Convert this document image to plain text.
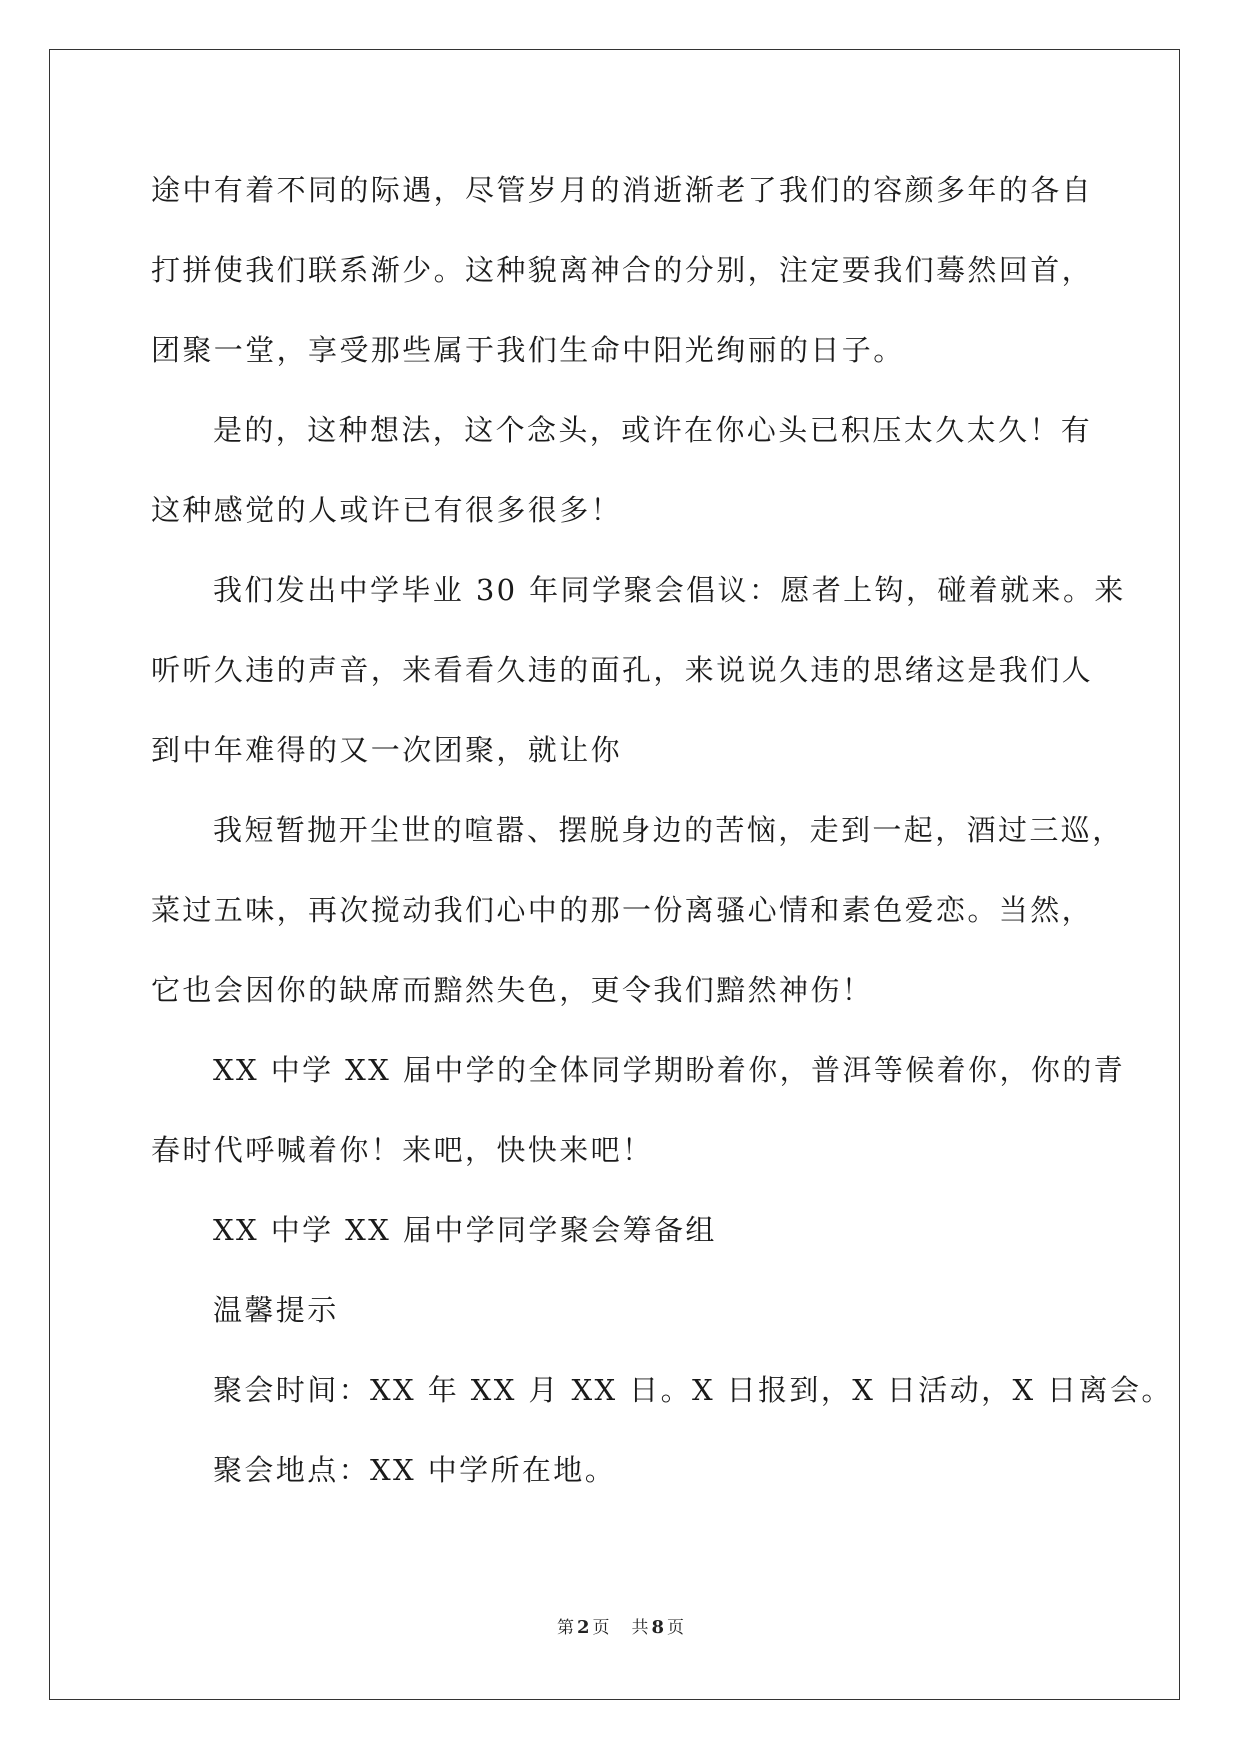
途中有着不同的际遇，尽管岁月的消逝渐老了我们的容颜多年的各自

打拼使我们联系渐少。这种貌离神合的分别，注定要我们蓦然回首，

团聚一堂，享受那些属于我们生命中阳光绚丽的日子。

是的，这种想法，这个念头，或许在你心头已积压太久太久！有

这种感觉的人或许已有很多很多！

我们发出中学毕业 30 年同学聚会倡议：愿者上钩，碰着就来。来

听听久违的声音，来看看久违的面孔，来说说久违的思绪这是我们人

到中年难得的又一次团聚，就让你

我短暂抛开尘世的喧嚣、摆脱身边的苦恼，走到一起，酒过三巡，

菜过五味，再次搅动我们心中的那一份离骚心情和素色爱恋。当然，

它也会因你的缺席而黯然失色，更令我们黯然神伤！

XX 中学 XX 届中学的全体同学期盼着你，普洱等候着你，你的青

春时代呼喊着你！来吧，快快来吧！

XX 中学 XX 届中学同学聚会筹备组

温馨提示

聚会时间：XX 年 XX 月 XX 日。X 日报到，X 日活动，X 日离会。

聚会地点：XX 中学所在地。

第 2 页 共 8 页
